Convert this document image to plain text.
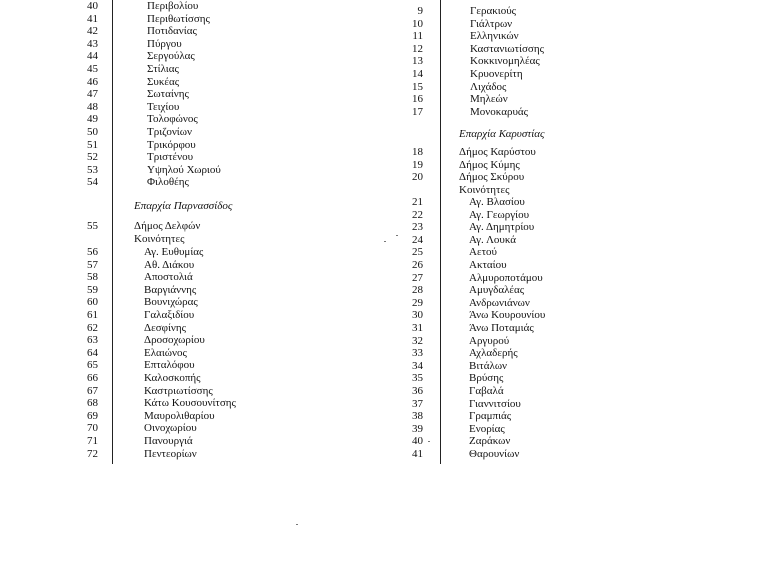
40	Περιβολίου
41	Περιθωτίσσης
42	Ποτιδανίας
43	Πύργου
44	Σεργούλας
45	Στίλιας
46	Συκέας
47	Σωταίνης
48	Τειχίου
49	Τολοφώνος
50	Τριζονίων
51	Τρικόρφου
52	Τριστένου
53	Υψηλού Χωριού
54	Φιλοθέης
Επαρχία Παρνασσίδος
55	Δήμος Δελφών
Κοινότητες
56	Αγ. Ευθυμίας
57	Αθ. Διάκου
58	Αποστολιά
59	Βαργιάννης
60	Βουνιχώρας
61	Γαλαξιδίου
62	Δεσφίνης
63	Δροσοχωρίου
64	Ελαιώνος
65	Επταλόφου
66	Καλοσκοπής
67	Καστριωτίσσης
68	Κάτω Κουσουνίτσης
69	Μαυρολιθαρίου
70	Οινοχωρίου
71	Πανουργιά
72	Πεντεορίων
9	Γερακιούς
10	Γιάλτρων
11	Ελληνικών
12	Καστανιωτίσσης
13	Κοκκινομηλέας
14	Κρυονερίτη
15	Λιχάδος
16	Μηλεών
17	Μονοκαρυάς
Επαρχία Καρυστίας
18	Δήμος Καρύστου
19	Δήμος Κύμης
20	Δήμος Σκύρου
Κοινότητες
21	Αγ. Βλασίου
22	Αγ. Γεωργίου
23	Αγ. Δημητρίου
24	Αγ. Λουκά
25	Αετού
26	Ακταίου
27	Αλμυροποτάμου
28	Αμυγδαλέας
29	Ανδρωνιάνων
30	Άνω Κουρουνίου
31	Άνω Ποταμιάς
32	Αργυρού
33	Αχλαδερής
34	Βιτάλων
35	Βρύσης
36	Γαβαλά
37	Γιαννιτσίου
38	Γραμπιάς
39	Ενορίας
40	Ζαράκων
41	Θαρουνίων
